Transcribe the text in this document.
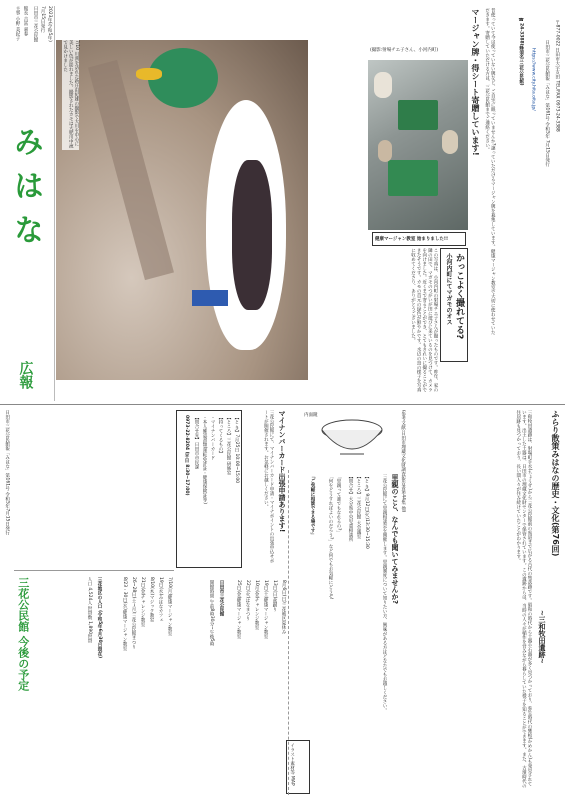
〒877-0022 日田市大字友田 TEL/FAX 0973-24-3388
日田市三花公民館報「みはな」第161号 令和5年 7月15日発行
2023年(令和5年)
7月15日発行
日田市三花公民館
館長 吉冨 嘉春
主事 小野 美紀子
みはな
広報
マージャン牌・得シート寄贈しています!	昔使っていて今は使っていない牌など、ご自宅に眠っていませんか?譲っていただけるマージャン牌を募集しています。健康マージャン教室で大切に使わせていただきます。寄贈していただける方は、三花公民館までご連絡ください。	☎24-3388(蜂須名:三花公民館) https://www.city.hita.oita.jp/
健康マージャン教室 始まりました!!
(撮影:射場チエ子さん、小河内町)
かっこよく撮れてる?
小河内町にてマガモのオス
この写真は、小河内町の射場チエ子さんが撮ったものです。昨年、家の隣の田で、マガモのつがいが田に遊びに来ているのを見つけて、カメラを向けました。近くまで寄ることができ、とてもきれいに撮ることができたそうです。カモの首元の緑色が鮮やかです。水辺の鳥の様子を写真に収めてくださり、ありがとうございました。
7/10 川渕を訪れた新庄由紀雄の撮影で大川を中心に美しい色が揺れました。撮影されたカモは大肥川中流で見かけました
日田市三花公民館報「みはな」第161号 令和5年7月15日発行
三花公民館 今後の予定	7/10(月)健康マージャン教室
19日(水)みはなカフェ
8/10(木)マジック教室
21日(金)チャレンジ教室
26~28日(土~月)三花公民館まつり
8/23・30日(水)健康マージャン教室
三花地区の人口 (令和5年6月30日現在)
人口 4,524人 世帯数 1,890世帯	8月6日(日)三花地区夏休み
13日(日)盆踊り
19日(土)健康マージャン教室
10月(金)チャレンジ教室
22日(火)はなまつり
25日(金)健康マージャン教室
日田市三花公民館
開館時間 午前8時30分~午後5時
イラスト素材等 MAP
マイナンバーカード出張申請あります!
三花公民館にて、マイナンバーカード申請・マイナポイントの出張申込サポートが開催されます。お気軽にお越しください。
【と き】7月25日 10:00~15:00
【ところ】三花公民館 研修室
【持ってくるもの】
・マイナンバーカード
・本人確認書類(運転免許証・健康保険証等)
【問合せ先】日田市市民課
0973-22-8204 (平日 8:30~17:00)
里親のこと、なんでも聞いてみませんか?
三花公民館にて里親相談会を開催します。里親制度について知りたい方、興味がある方はどなたでもお越しください。
【と き】9月12日(火)13:30~15:30
【ところ】三花公民館 大会議室
【問合せ】大分県中央児童相談所
「里親って誰でもなれるの?」
「何をどうすればよいのだろう?」など何でもお気軽にどうぞ!
「ご気軽に相談できる場です」	ふらり散策みはなの歴史・文化(第76回)
~三和牧田遺跡~
三和牧田遺跡は、射場町手水(ちょうず)から三花公民館前の県道まで広がる古代の集落跡です。昭和の時代から土器や石器が多く見つかっており、弥生時代の甕棺(かめかん)も発見されています。出土した土器は、日田市の埋蔵文化財センターで保管されています。この遺跡からは、当時の人々が稲作を営みながら暮らしていた様子を知ることができます。また、古墳時代の住居跡も見つかっており、長い間人々が住み続けていたことがわかります。
(参考文献:日田市埋蔵文化財調査報告書第44集 他)
内面鏡
